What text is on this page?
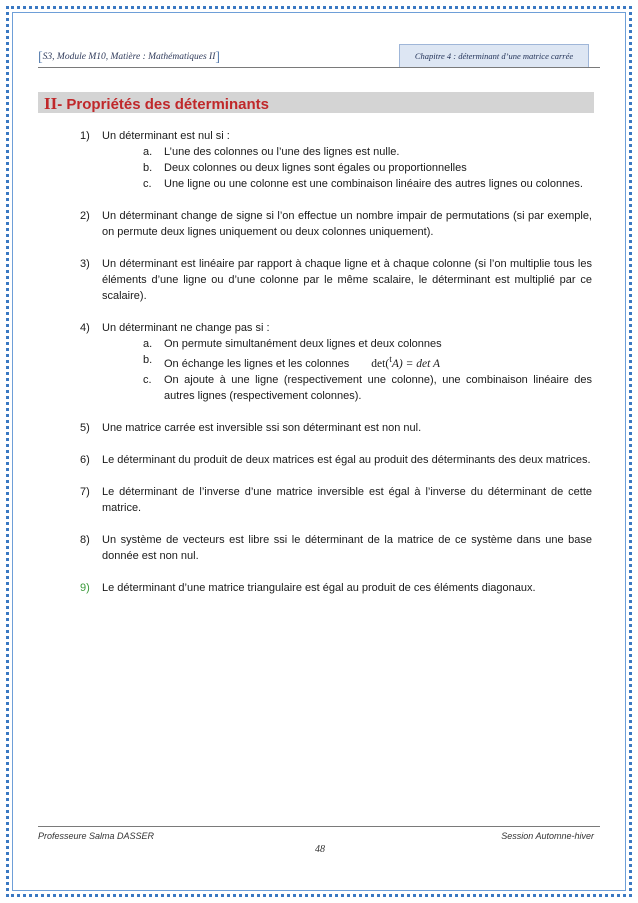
[S3, Module M10, Matière : Mathématiques II]	Chapitre 4 : déterminant d’une matrice carrée
II- Propriétés des déterminants
1) Un déterminant est nul si :
a. L’une des colonnes ou l’une des lignes est nulle.
b. Deux colonnes ou deux lignes sont égales ou proportionnelles
c. Une ligne ou une colonne est une combinaison linéaire des autres lignes ou colonnes.
2) Un déterminant change de signe si l’on effectue un nombre impair de permutations (si par exemple, on permute deux lignes uniquement ou deux colonnes uniquement).
3) Un déterminant est linéaire par rapport à chaque ligne et à chaque colonne (si l’on multiplie tous les éléments d’une ligne ou d’une colonne par le même scalaire, le déterminant est multiplié par ce scalaire).
4) Un déterminant ne change pas si :
a. On permute simultanément deux lignes et deux colonnes
b. On échange les lignes et les colonnes det($^t$A) = det A
c. On ajoute à une ligne (respectivement une colonne), une combinaison linéaire des autres lignes (respectivement colonnes).
5) Une matrice carrée est inversible ssi son déterminant est non nul.
6) Le déterminant du produit de deux matrices est égal au produit des déterminants des deux matrices.
7) Le déterminant de l’inverse d’une matrice inversible est égal à l’inverse du déterminant de cette matrice.
8) Un système de vecteurs est libre ssi le déterminant de la matrice de ce système dans une base donnée est non nul.
9) Le déterminant d’une matrice triangulaire est égal au produit de ces éléments diagonaux.
Professeure Salma DASSER	Session Automne-hiver
48
